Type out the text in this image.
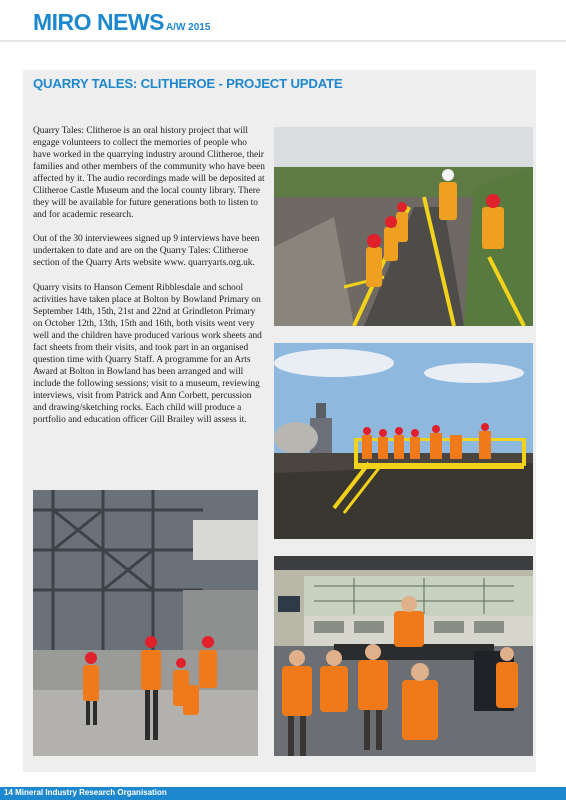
MIRO NEWS A/W 2015
QUARRY TALES: CLITHEROE - PROJECT UPDATE

Quarry Tales: Clitheroe is an oral history project that will engage volunteers to collect the memories of people who have worked in the quarrying industry around Clitheroe, their families and other members of the community who have been affected by it. The audio recordings made will be deposited at Clitheroe Castle Museum and the local county library. There they will be available for future generations both to listen to and for academic research.

Out of the 30 interviewees signed up 9 interviews have been undertaken to date and are on the Quarry Tales: Clitheroe section of the Quarry Arts website www. quarryarts.org.uk.

Quarry visits to Hanson Cement Ribblesdale and school activities have taken place at Bolton by Bowland Primary on September 14th, 15th, 21st and 22nd at Grindleton Primary on October 12th, 13th, 15th and 16th, both visits went very well and the children have produced various work sheets and fact sheets from their visits, and took part in an organised question time with Quarry Staff. A programme for an Arts Award at Bolton in Bowland has been arranged and will include the following sessions; visit to a museum, reviewing interviews, visit from Patrick and Ann Corbett, percussion and drawing/sketching rocks. Each child will produce a portfolio and education officer Gill Brailey will assess it.

14 Mineral Industry Research Organisation
